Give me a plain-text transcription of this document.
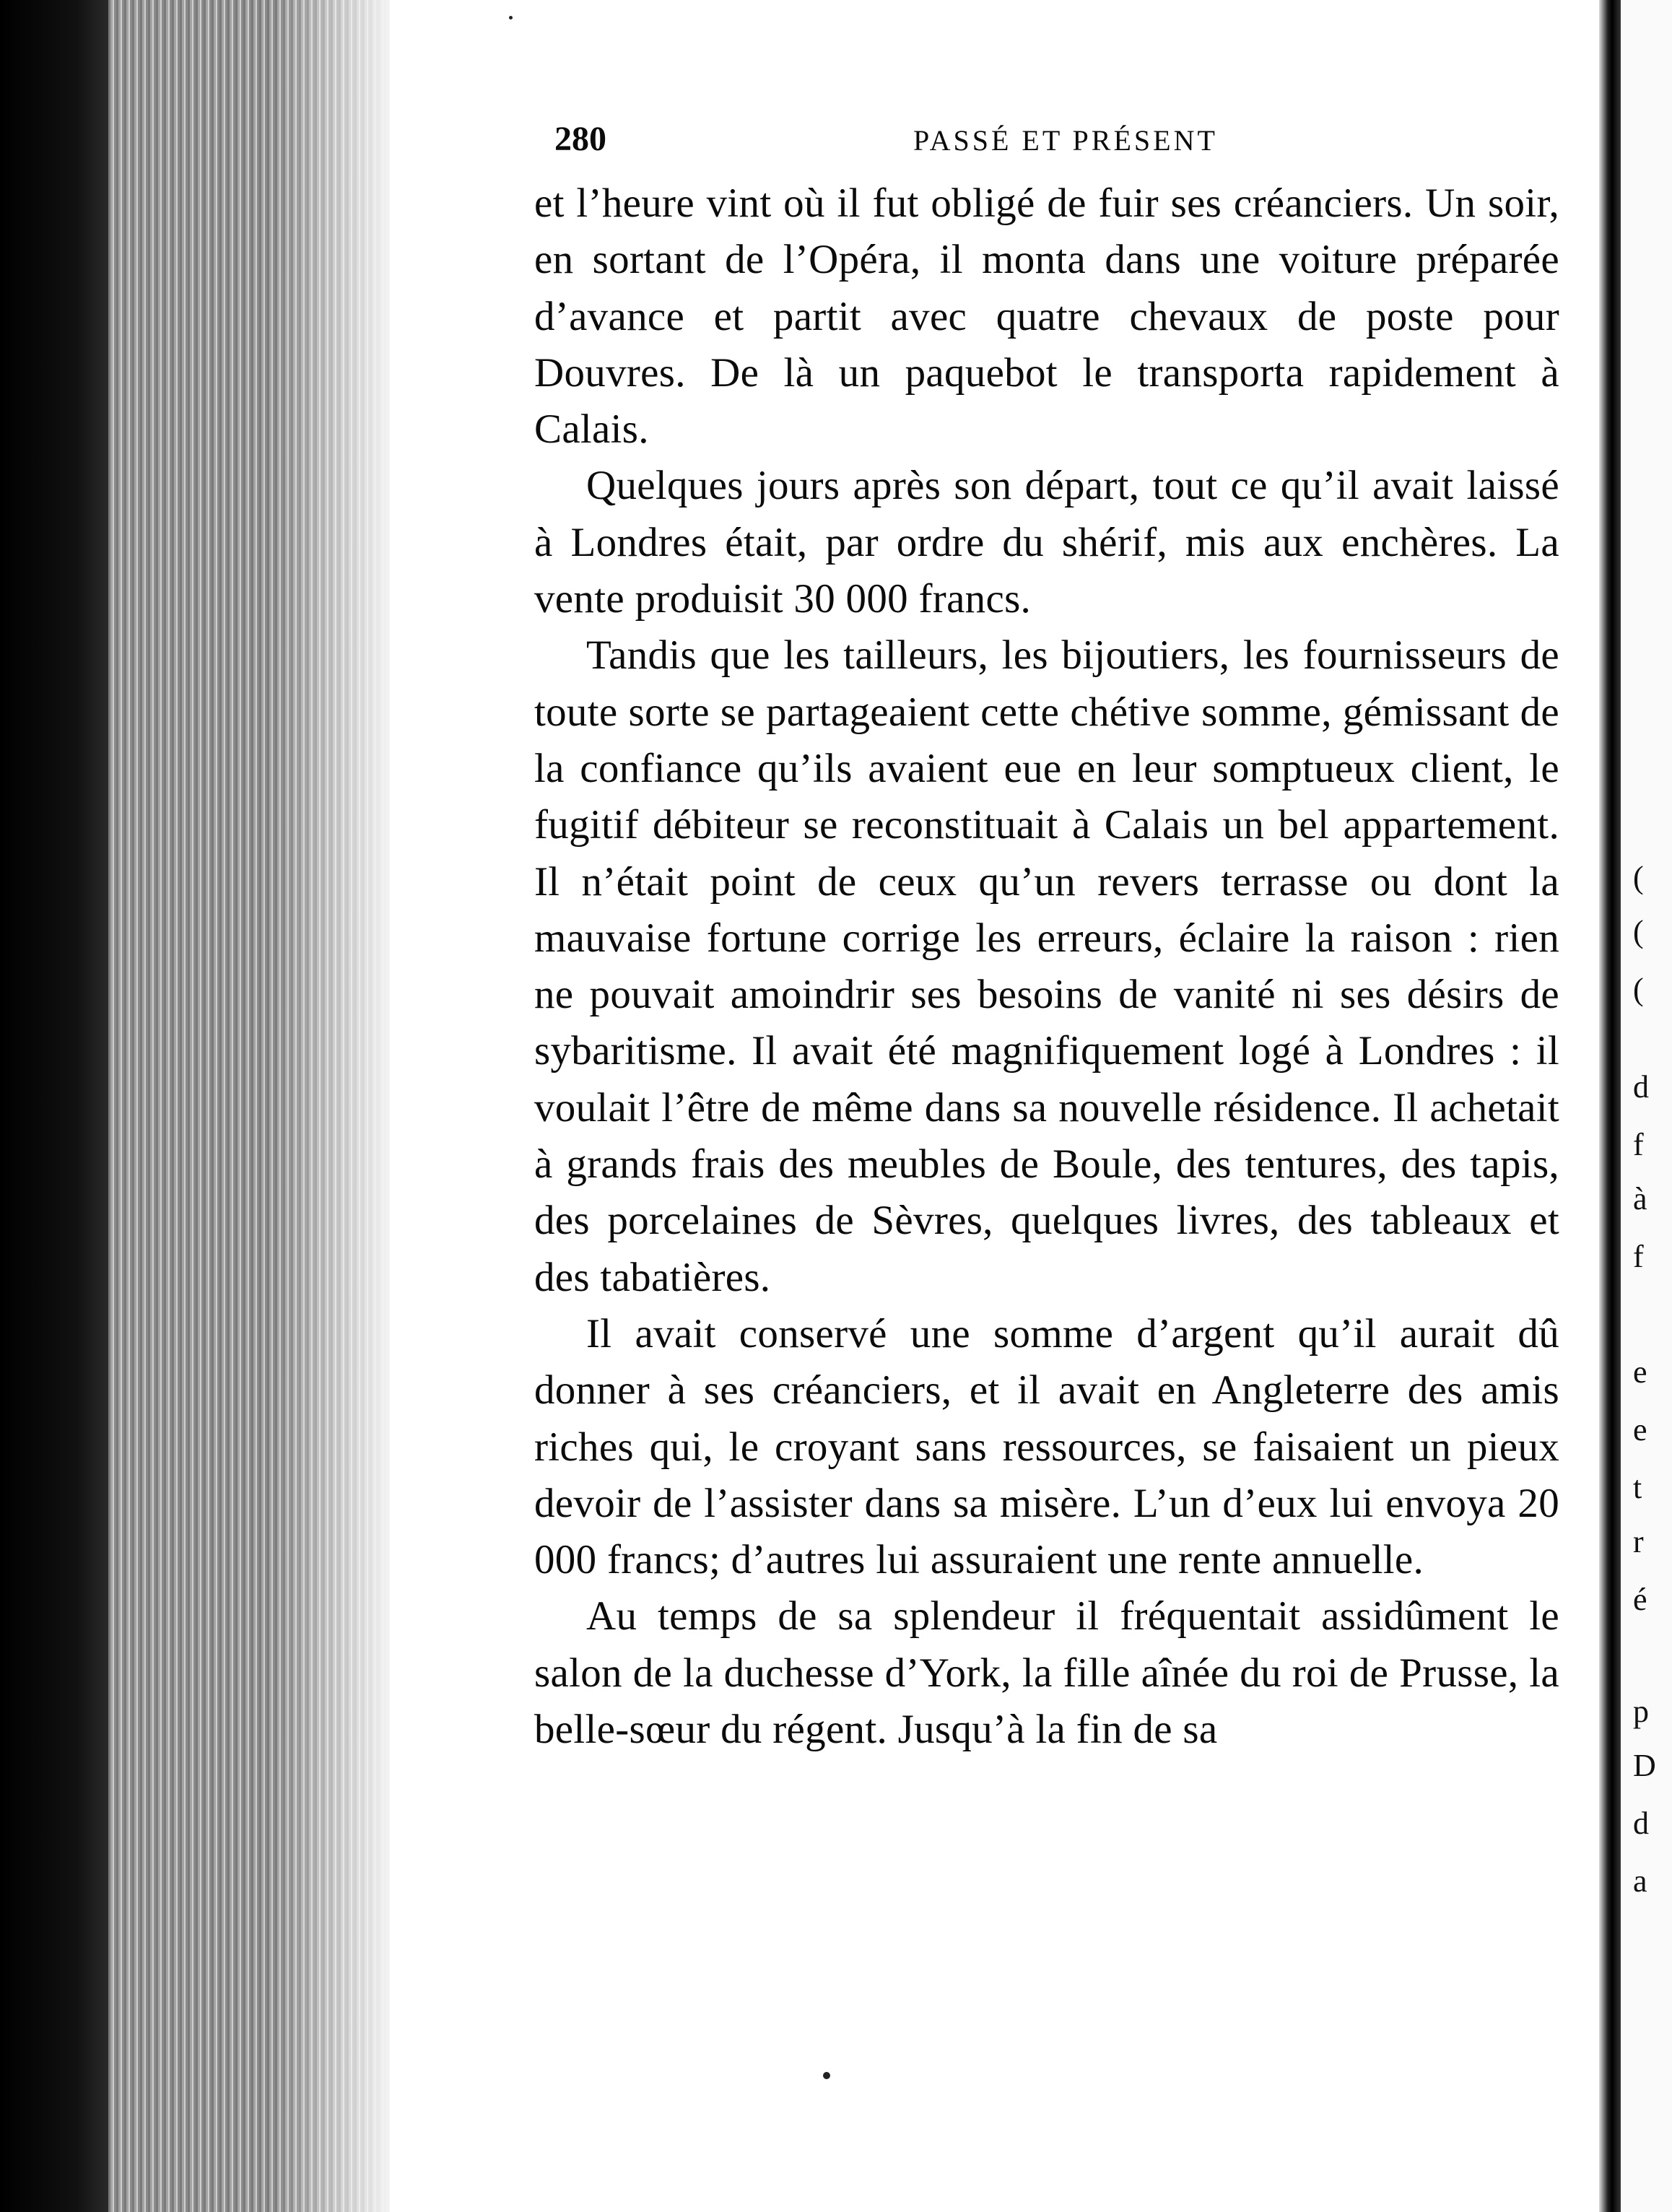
(
(
(
d
f
à
f
e
e
t
r
é
p
D
d
a
280	PASSÉ ET PRÉSENT

et l’heure vint où il fut obligé de fuir ses créanciers. Un soir, en sortant de l’Opéra, il monta dans une voiture préparée d’avance et partit avec quatre chevaux de poste pour Douvres. De là un paquebot le transporta rapidement à Calais.

Quelques jours après son départ, tout ce qu’il avait laissé à Londres était, par ordre du shérif, mis aux enchères. La vente produisit 30 000 francs.

Tandis que les tailleurs, les bijoutiers, les fournisseurs de toute sorte se partageaient cette chétive somme, gémissant de la confiance qu’ils avaient eue en leur somptueux client, le fugitif débiteur se reconstituait à Calais un bel appartement. Il n’était point de ceux qu’un revers terrasse ou dont la mauvaise fortune corrige les erreurs, éclaire la raison : rien ne pouvait amoindrir ses besoins de vanité ni ses désirs de sybaritisme. Il avait été magnifiquement logé à Londres : il voulait l’être de même dans sa nouvelle résidence. Il achetait à grands frais des meubles de Boule, des tentures, des tapis, des porcelaines de Sèvres, quelques livres, des tableaux et des tabatières.

Il avait conservé une somme d’argent qu’il aurait dû donner à ses créanciers, et il avait en Angleterre des amis riches qui, le croyant sans ressources, se faisaient un pieux devoir de l’assister dans sa misère. L’un d’eux lui envoya 20 000 francs; d’autres lui assuraient une rente annuelle.

Au temps de sa splendeur il fréquentait assidûment le salon de la duchesse d’York, la fille aînée du roi de Prusse, la belle-sœur du régent. Jusqu’à la fin de sa
